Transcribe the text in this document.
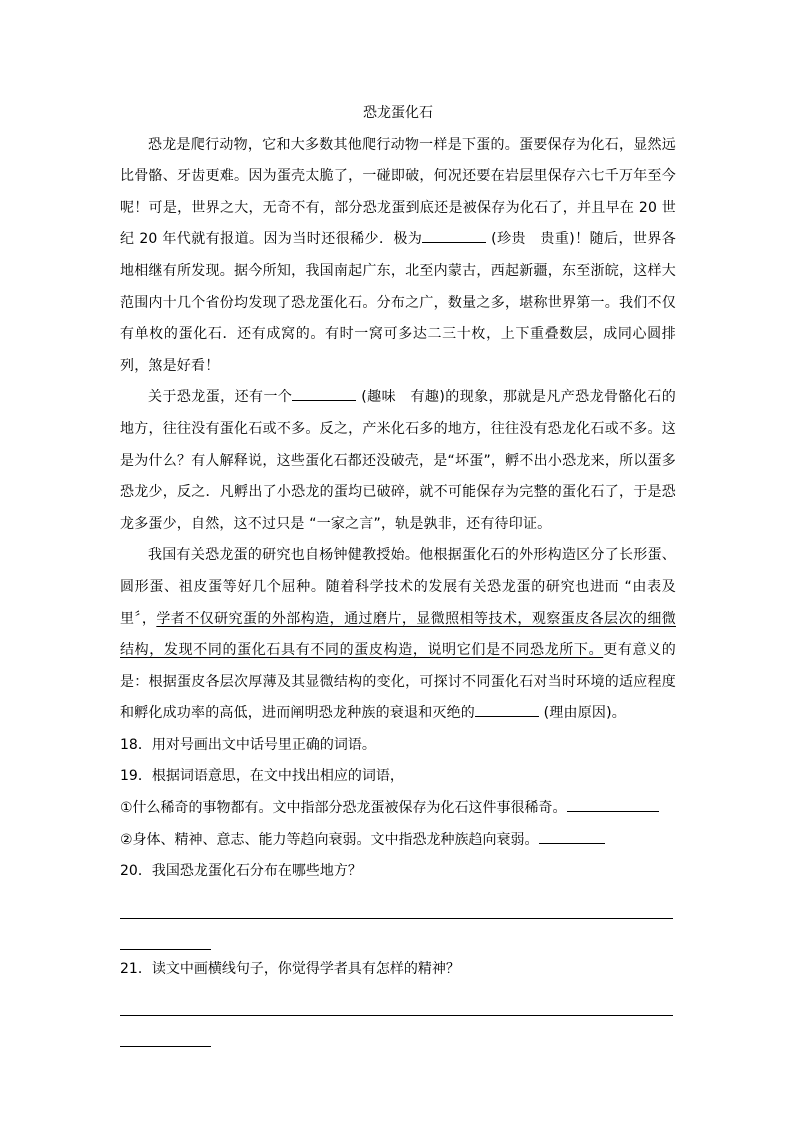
恐龙蛋化石

恐龙是爬行动物，它和大多数其他爬行动物一样是下蛋的。蛋要保存为化石，显然远比骨骼、牙齿更难。因为蛋壳太脆了，一碰即破，何况还要在岩层里保存六七千万年至今呢！可是，世界之大，无奇不有，部分恐龙蛋到底还是被保存为化石了，并且早在 20 世纪 20 年代就有报道。因为当时还很稀少．极为	(珍贵　贵重)！随后，世界各地相继有所发现。据今所知，我国南起广东，北至内蒙古，西起新疆，东至浙皖，这样大范围内十几个省份均发现了恐龙蛋化石。分布之广，数量之多，堪称世界第一。我们不仅有单枚的蛋化石．还有成窝的。有时一窝可多达二三十枚，上下重叠数层，成同心圆排列，煞是好看！

关于恐龙蛋，还有一个	(趣味　有趣)的现象，那就是凡产恐龙骨骼化石的地方，往往没有蛋化石或不多。反之，产米化石多的地方，往往没有恐龙化石或不多。这是为什么？有人解释说，这些蛋化石都还没破壳，是“坏蛋”，孵不出小恐龙来，所以蛋多恐龙少，反之．凡孵出了小恐龙的蛋均已破碎，就不可能保存为完整的蛋化石了，于是恐龙多蛋少，自然，这不过只是 “一家之言”，轨是孰非，还有待印证。

我国有关恐龙蛋的研究也自杨钟健教授始。他根据蛋化石的外形构造区分了长形蛋、圆形蛋、祖皮蛋等好几个屈种。随着科学技术的发展有关恐龙蛋的研究也进而 “由表及里〞，学者不仅研究蛋的外部构造，通过磨片，显微照相等技术，观察蛋皮各层次的细微结构，发现不同的蛋化石具有不同的蛋皮构造，说明它们是不同恐龙所下。更有意义的是：根据蛋皮各层次厚薄及其显微结构的变化，可探讨不同蛋化石对当时环境的适应程度和孵化成功率的高低，进而阐明恐龙种族的衰退和灭绝的	(理由原因)。

18．用对号画出文中话号里正确的词语。

19．根据词语意思，在文中找出相应的词语，

①什么稀奇的事物都有。文中指部分恐龙蛋被保存为化石这件事很稀奇。

②身体、精神、意志、能力等趋向衰弱。文中指恐龙种族趋向衰弱。

20．我国恐龙蛋化石分布在哪些地方？

21．读文中画横线句子，你觉得学者具有怎样的精神？
